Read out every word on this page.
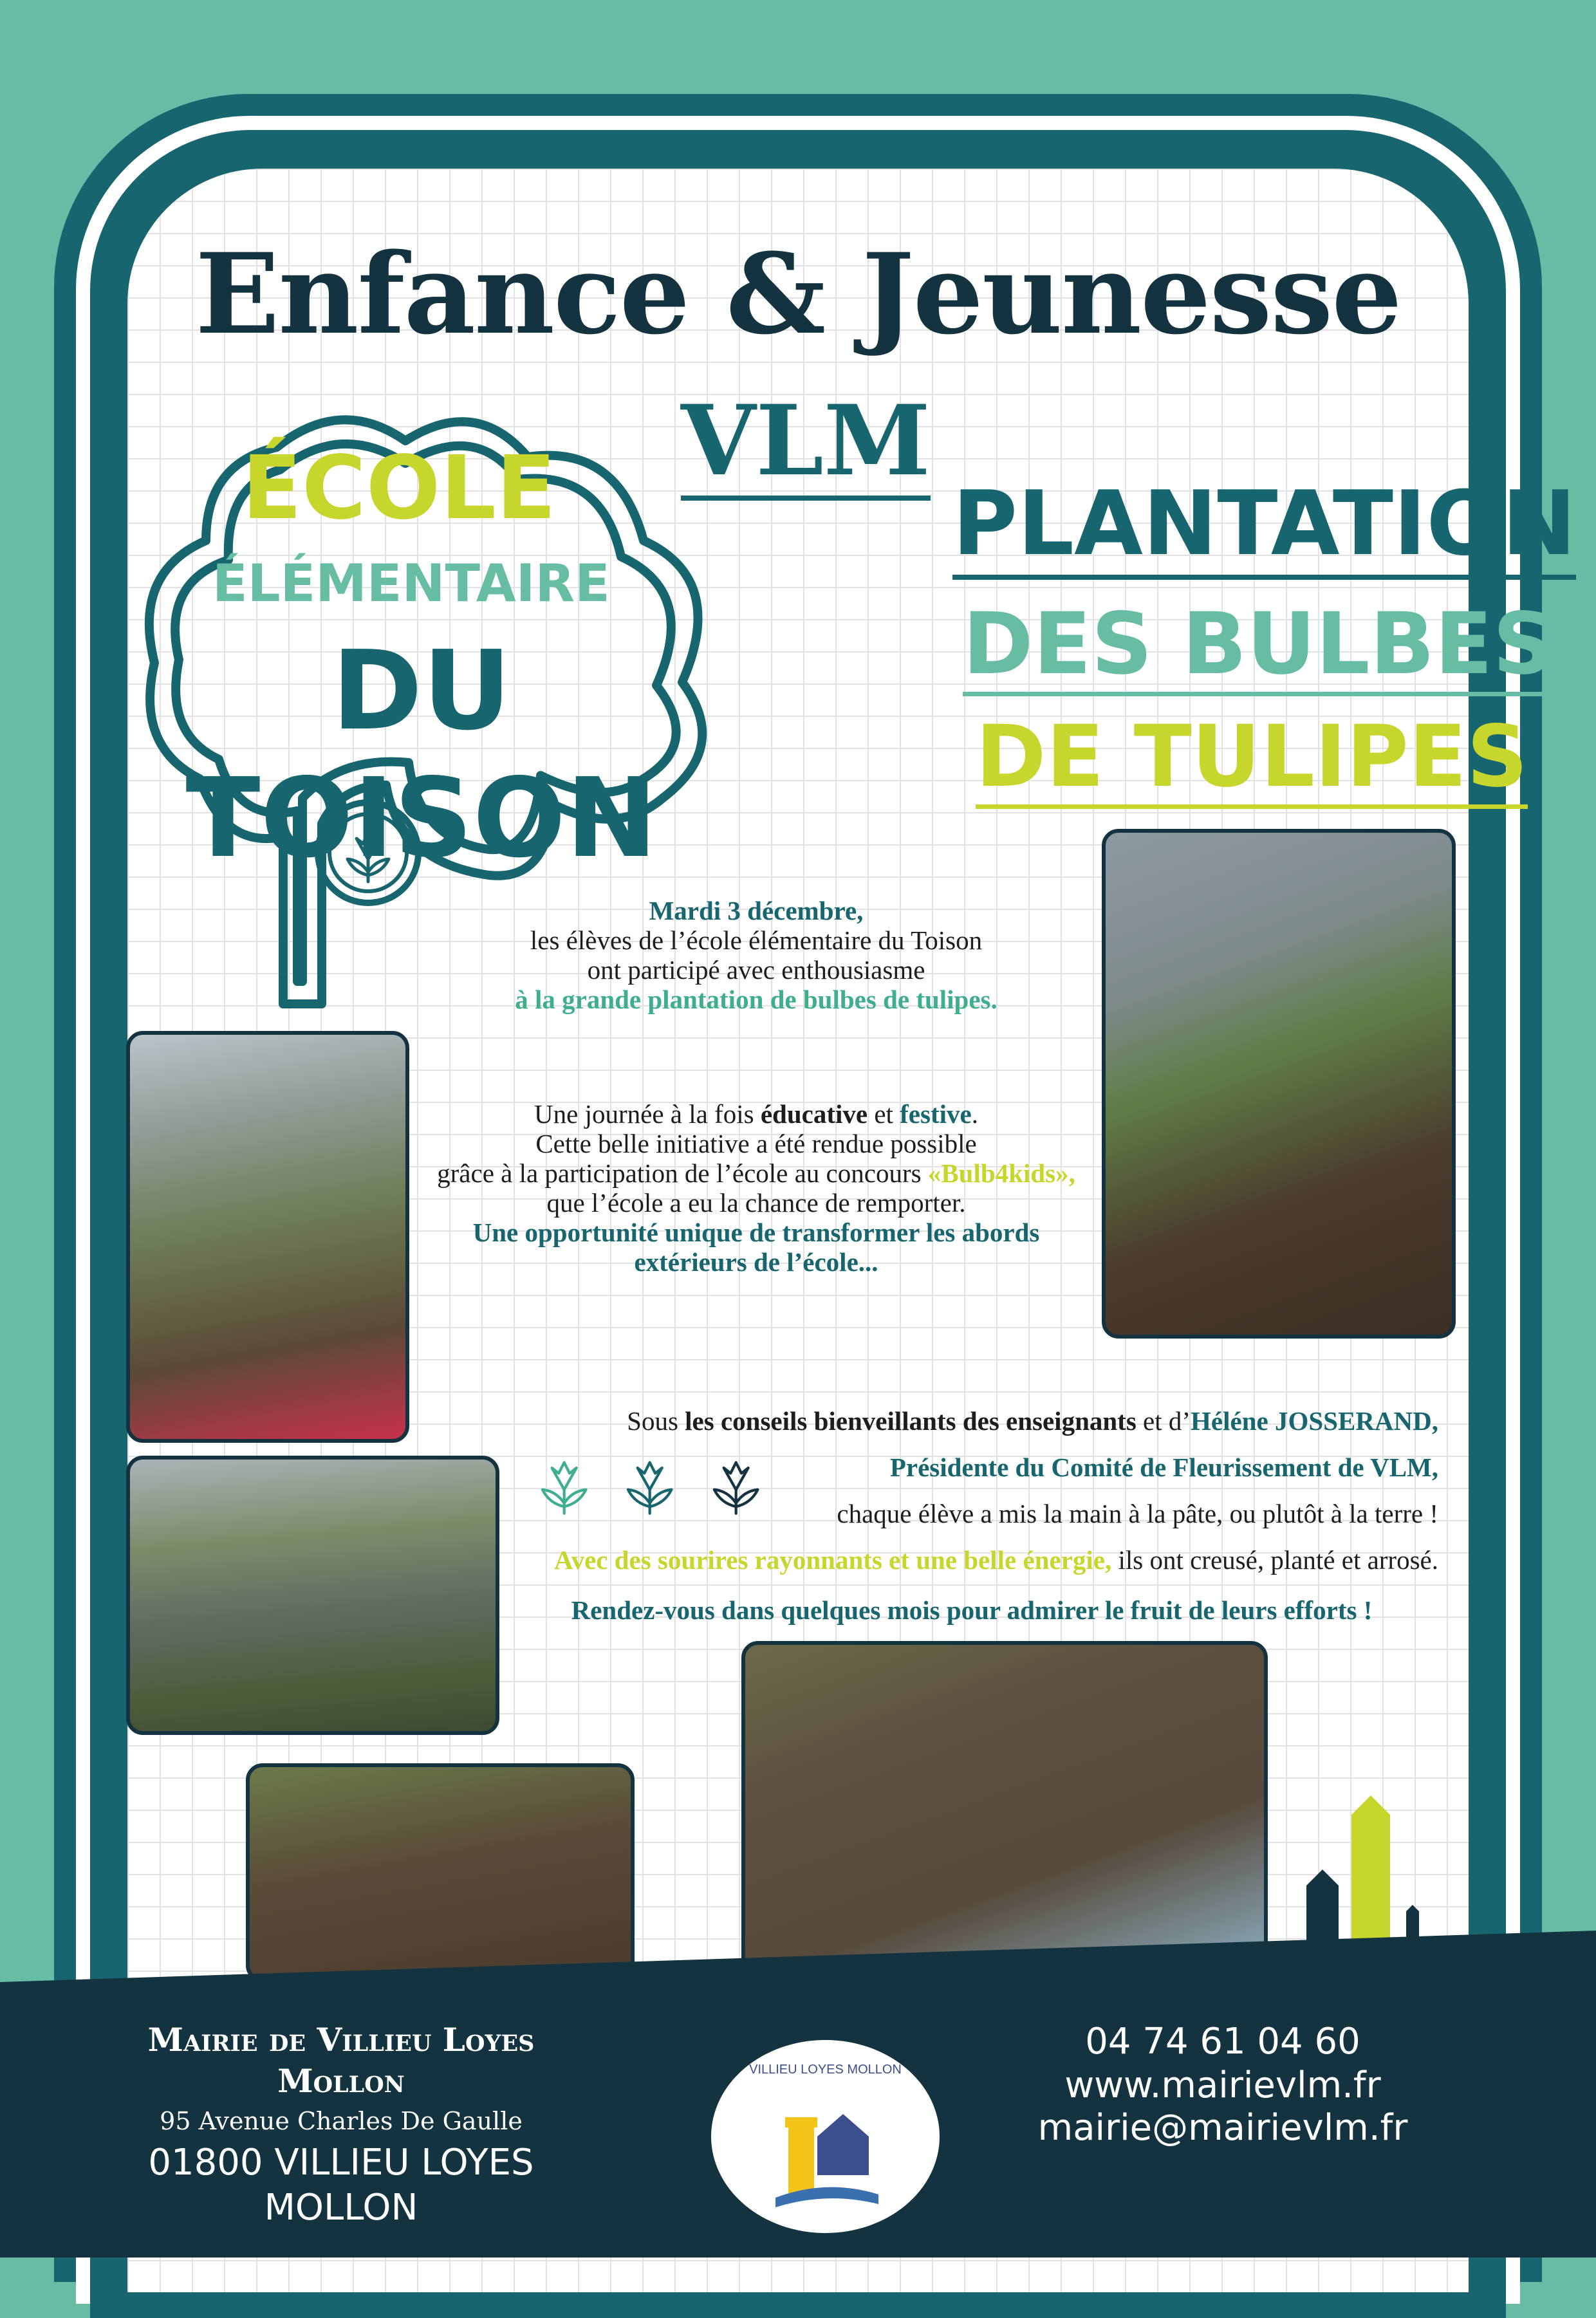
Enfance & Jeunesse
VLM
ÉCOLE
ÉLÉMENTAIRE
DU TOISON
PLANTATION
DES BULBES
DE TULIPES
Mardi 3 décembre,
les élèves de l’école élémentaire du Toison
ont participé avec enthousiasme
à la grande plantation de bulbes de tulipes.
Une journée à la fois éducative et festive.
Cette belle initiative a été rendue possible
grâce à la participation de l’école au concours «Bulb4kids»,
que l’école a eu la chance de remporter.
Une opportunité unique de transformer les abords
extérieurs de l’école...
Sous les conseils bienveillants des enseignants et d’Héléne JOSSERAND,
Présidente du Comité de Fleurissement de VLM,
chaque élève a mis la main à la pâte, ou plutôt à la terre !
Avec des sourires rayonnants et une belle énergie, ils ont creusé, planté et arrosé.
Rendez-vous dans quelques mois pour admirer le fruit de leurs efforts !
Mairie de Villieu Loyes Mollon
95 Avenue Charles De Gaulle
01800 VILLIEU LOYES MOLLON
VILLIEU LOYES MOLLON
04 74 61 04 60
www.mairievlm.fr
mairie@mairievlm.fr
